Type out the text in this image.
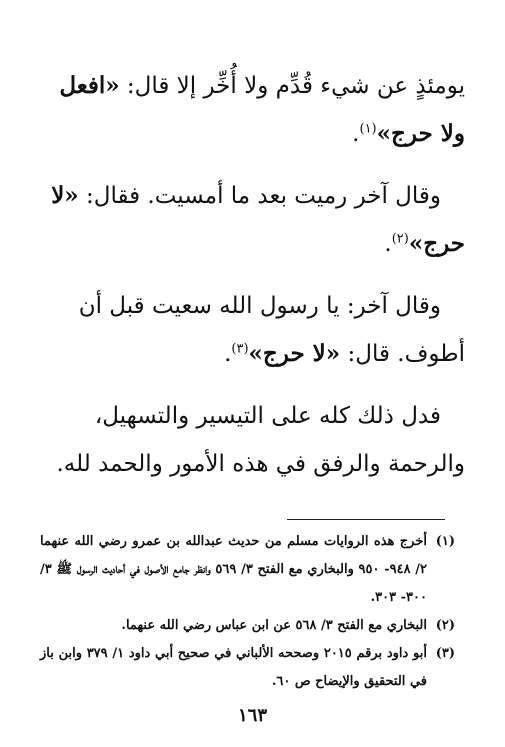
يومئذٍ عن شيء قُدِّم ولا أُخِّر إلا قال: «افعل ولا حرج»$^{(١)}$.

وقال آخر رميت بعد ما أمسيت. فقال: «لا حرج»$^{(٢)}$.

وقال آخر: يا رسول الله سعيت قبل أن أطوف. قال: «لا حرج»$^{(٣)}$.

فدل ذلك كله على التيسير والتسهيل، والرحمة والرفق في هذه الأمور والحمد لله.

(١)
أخرج هذه الروايات مسلم من حديث عبدالله بن عمرو رضي الله عنهما ٢/ ٩٤٨- ٩٥٠ والبخاري مع الفتح ٣/ ٥٦٩ وانظر جامع الأصول في أحاديث الرسول ﷺ ٣/ ٣٠٠- ٣٠٣.
(٢)
البخاري مع الفتح ٣/ ٥٦٨ عن ابن عباس رضي الله عنهما.
(٣)
أبو داود برقم ٢٠١٥ وصححه الألباني في صحيح أبي داود ١/ ٣٧٩ وابن باز في التحقيق والإيضاح ص ٦٠.
١٦٣
